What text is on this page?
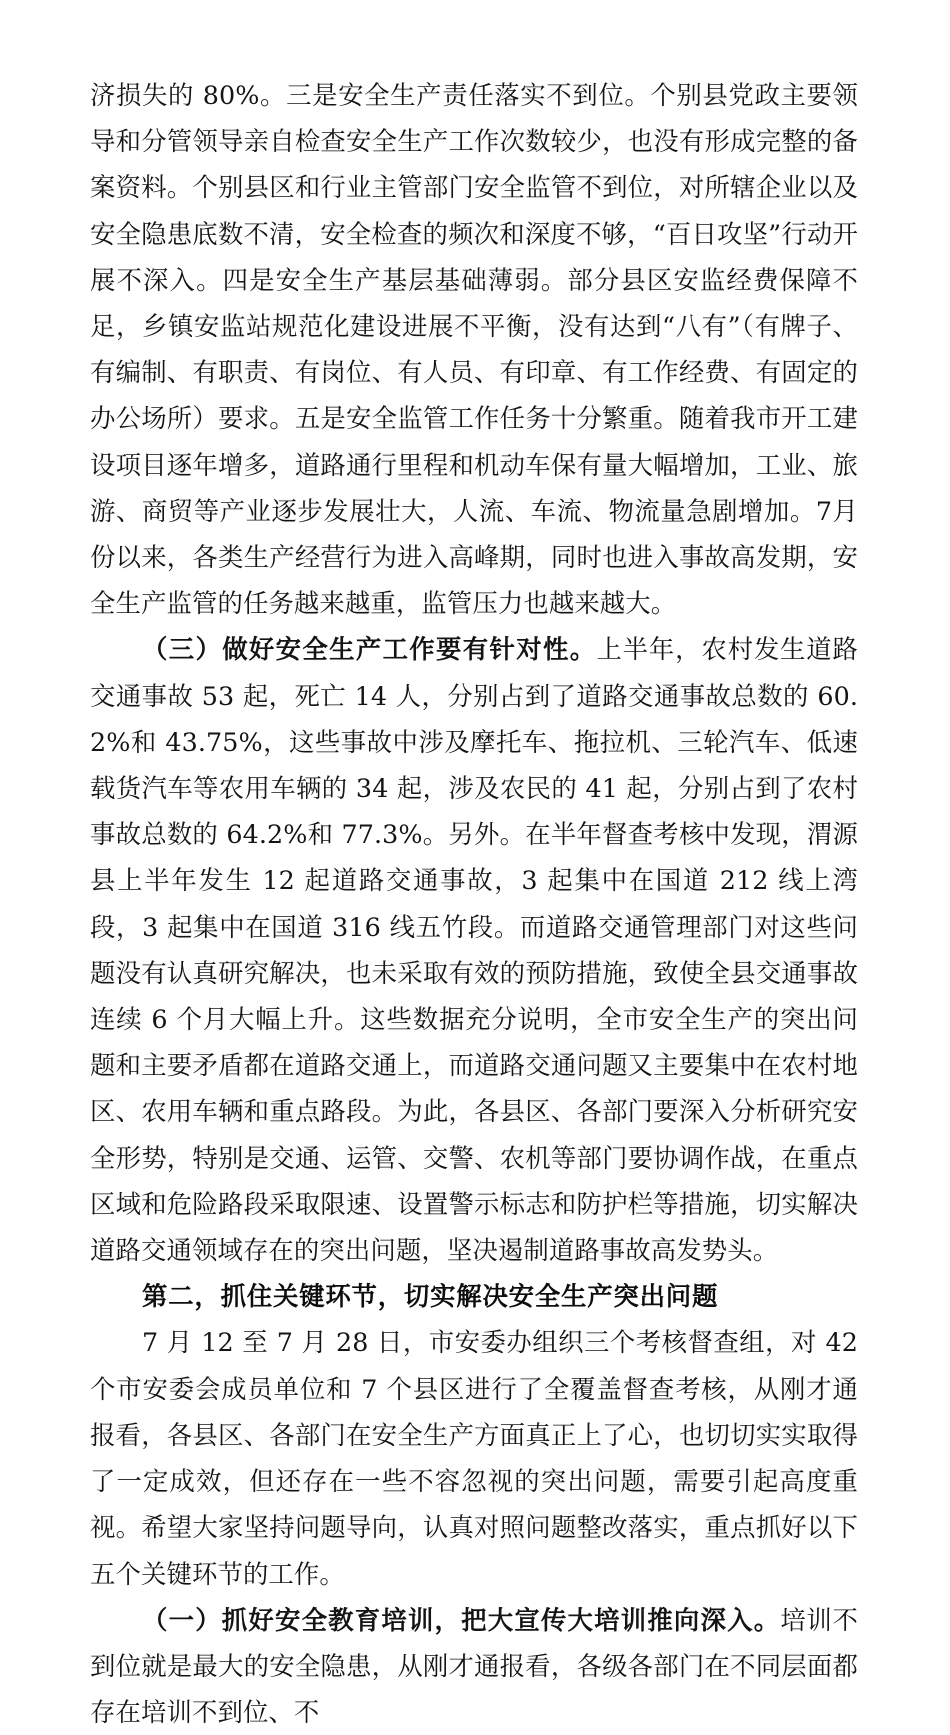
济损失的 80%。三是安全生产责任落实不到位。个别县党政主要领导和分管领导亲自检查安全生产工作次数较少，也没有形成完整的备案资料。个别县区和行业主管部门安全监管不到位，对所辖企业以及安全隐患底数不清，安全检查的频次和深度不够，“百日攻坚”行动开展不深入。四是安全生产基层基础薄弱。部分县区安监经费保障不足，乡镇安监站规范化建设进展不平衡，没有达到“八有”（有牌子、有编制、有职责、有岗位、有人员、有印章、有工作经费、有固定的办公场所）要求。五是安全监管工作任务十分繁重。随着我市开工建设项目逐年增多，道路通行里程和机动车保有量大幅增加，工业、旅游、商贸等产业逐步发展壮大，人流、车流、物流量急剧增加。7月份以来，各类生产经营行为进入高峰期，同时也进入事故高发期，安全生产监管的任务越来越重，监管压力也越来越大。

（三）做好安全生产工作要有针对性。上半年，农村发生道路交通事故 53 起，死亡 14 人，分别占到了道路交通事故总数的 60.2%和 43.75%，这些事故中涉及摩托车、拖拉机、三轮汽车、低速载货汽车等农用车辆的 34 起，涉及农民的 41 起，分别占到了农村事故总数的 64.2%和 77.3%。另外。在半年督查考核中发现，渭源县上半年发生 12 起道路交通事故，3 起集中在国道 212 线上湾段，3 起集中在国道 316 线五竹段。而道路交通管理部门对这些问题没有认真研究解决，也未采取有效的预防措施，致使全县交通事故连续 6 个月大幅上升。这些数据充分说明，全市安全生产的突出问题和主要矛盾都在道路交通上，而道路交通问题又主要集中在农村地区、农用车辆和重点路段。为此，各县区、各部门要深入分析研究安全形势，特别是交通、运管、交警、农机等部门要协调作战，在重点区域和危险路段采取限速、设置警示标志和防护栏等措施，切实解决道路交通领域存在的突出问题，坚决遏制道路事故高发势头。

第二，抓住关键环节，切实解决安全生产突出问题

7 月 12 至 7 月 28 日，市安委办组织三个考核督查组，对 42 个市安委会成员单位和 7 个县区进行了全覆盖督查考核，从刚才通报看，各县区、各部门在安全生产方面真正上了心，也切切实实取得了一定成效，但还存在一些不容忽视的突出问题，需要引起高度重视。希望大家坚持问题导向，认真对照问题整改落实，重点抓好以下五个关键环节的工作。

（一）抓好安全教育培训，把大宣传大培训推向深入。培训不到位就是最大的安全隐患，从刚才通报看，各级各部门在不同层面都存在培训不到位、不
